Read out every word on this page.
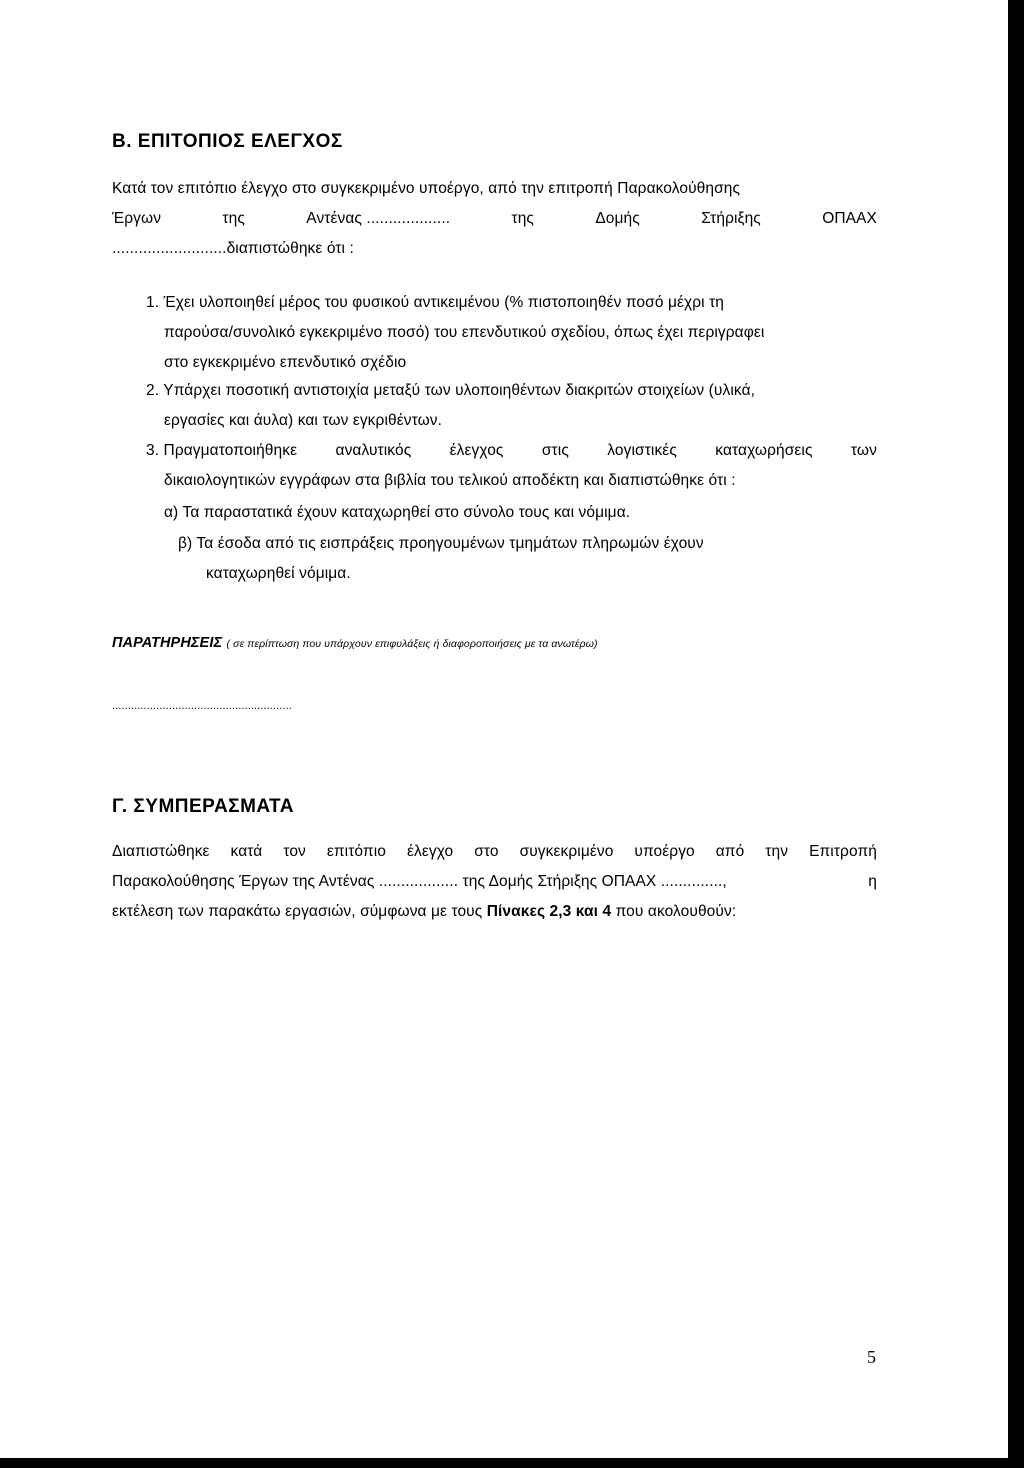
Β. ΕΠΙΤΟΠΙΟΣ ΕΛΕΓΧΟΣ
Κατά τον επιτόπιο έλεγχο στο συγκεκριμένο υποέργο, από την επιτροπή Παρακολούθησης
Έργων	της	Αντένας ...................	της	Δομής	Στήριξης	ΟΠΑΑΧ
..........................διαπιστώθηκε ότι :
1. Έχει υλοποιηθεί μέρος του φυσικού αντικειμένου (% πιστοποιηθέν ποσό μέχρι τη
παρούσα/συνολικό εγκεκριμένο ποσό) του επενδυτικού σχεδίου, όπως έχει περιγραφει
στο εγκεκριμένο επενδυτικό σχέδιο
2. Υπάρχει ποσοτική αντιστοιχία μεταξύ των υλοποιηθέντων διακριτών στοιχείων (υλικά,
εργασίες και άυλα) και των εγκριθέντων.
3. Πραγματοποιήθηκε αναλυτικός έλεγχος στις λογιστικές καταχωρήσεις των
δικαιολογητικών εγγράφων στα βιβλία του τελικού αποδέκτη και διαπιστώθηκε ότι :
α) Τα παραστατικά έχουν καταχωρηθεί στο σύνολο τους και νόμιμα.
β) Τα έσοδα από τις εισπράξεις προηγουμένων τμημάτων πληρωμών έχουν
καταχωρηθεί νόμιμα.
ΠΑΡΑΤΗΡΗΣΕΙΣ ( σε περίπτωση που υπάρχουν επιφυλάξεις ή διαφοροποιήσεις με τα ανωτέρω)
.........................................................
Γ. ΣΥΜΠΕΡΑΣΜΑΤΑ
Διαπιστώθηκε κατά τον επιτόπιο έλεγχο στο συγκεκριμένο υποέργο από την Επιτροπή
Παρακολούθησης Έργων της Αντένας .................. της Δομής Στήριξης ΟΠΑΑΧ ..............,	η
εκτέλεση των παρακάτω εργασιών, σύμφωνα με τους Πίνακες 2,3 και 4 που ακολουθούν:
5
